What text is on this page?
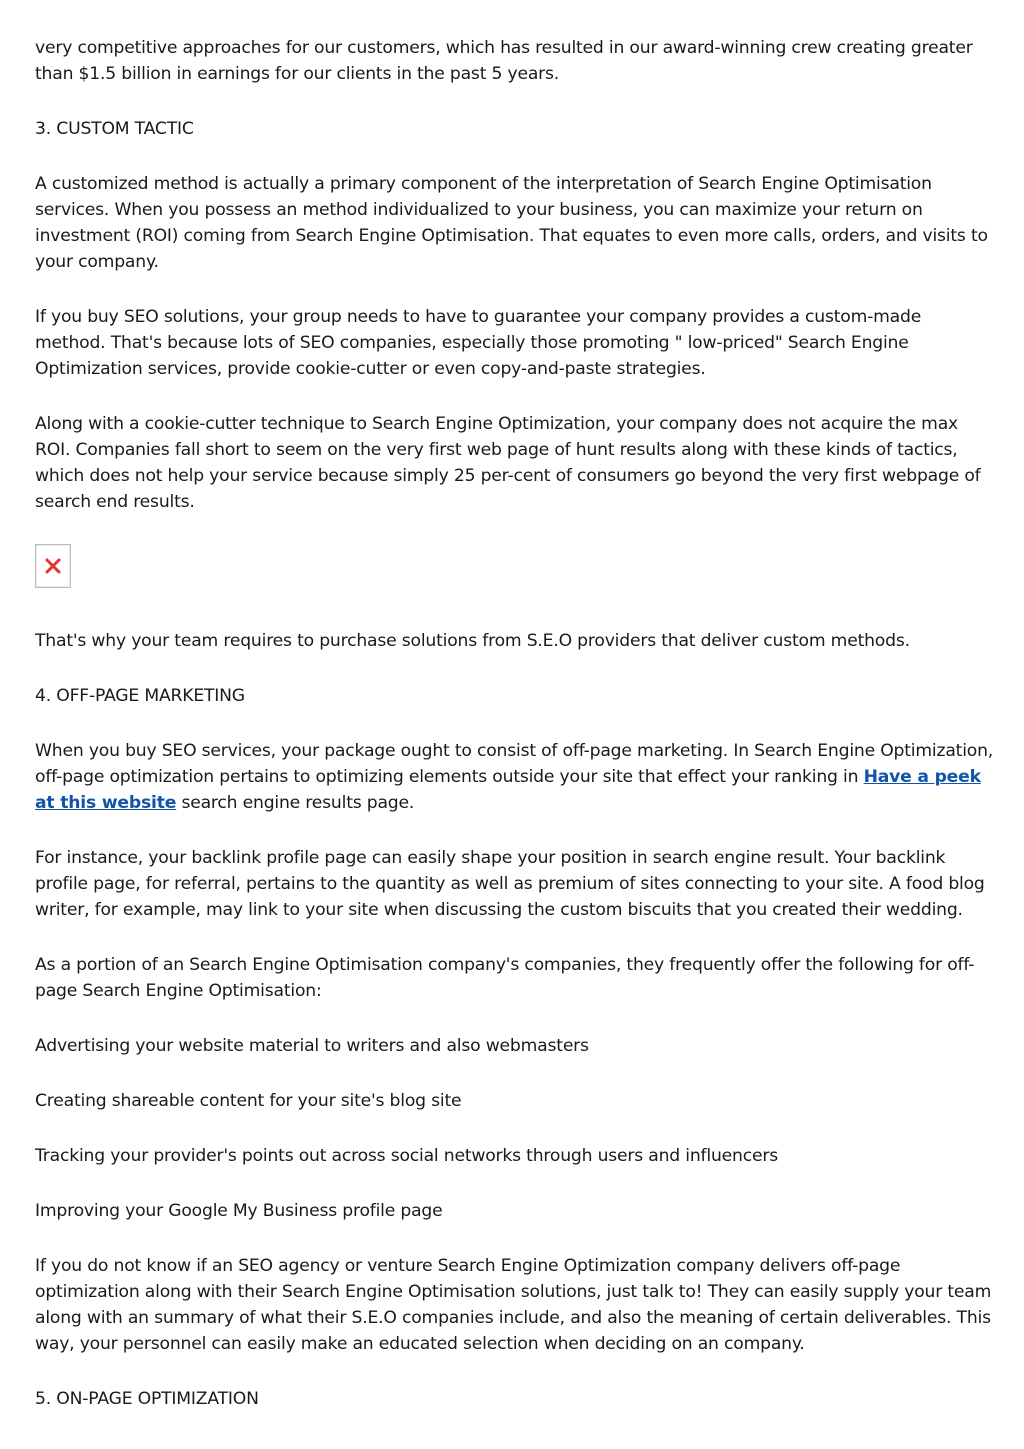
very competitive approaches for our customers, which has resulted in our award-winning crew creating greater than $1.5 billion in earnings for our clients in the past 5 years.

3. CUSTOM TACTIC

A customized method is actually a primary component of the interpretation of Search Engine Optimisation services. When you possess an method individualized to your business, you can maximize your return on investment (ROI) coming from Search Engine Optimisation. That equates to even more calls, orders, and visits to your company.

If you buy SEO solutions, your group needs to have to guarantee your company provides a custom-made method. That's because lots of SEO companies, especially those promoting " low-priced" Search Engine Optimization services, provide cookie-cutter or even copy-and-paste strategies.

Along with a cookie-cutter technique to Search Engine Optimization, your company does not acquire the max ROI. Companies fall short to seem on the very first web page of hunt results along with these kinds of tactics, which does not help your service because simply 25 per-cent of consumers go beyond the very first webpage of search end results.

That's why your team requires to purchase solutions from S.E.O providers that deliver custom methods.

4. OFF-PAGE MARKETING

When you buy SEO services, your package ought to consist of off-page marketing. In Search Engine Optimization, off-page optimization pertains to optimizing elements outside your site that effect your ranking in Have a peek at this website search engine results page.

For instance, your backlink profile page can easily shape your position in search engine result. Your backlink profile page, for referral, pertains to the quantity as well as premium of sites connecting to your site. A food blog writer, for example, may link to your site when discussing the custom biscuits that you created their wedding.

As a portion of an Search Engine Optimisation company's companies, they frequently offer the following for off-page Search Engine Optimisation:

Advertising your website material to writers and also webmasters

Creating shareable content for your site's blog site

Tracking your provider's points out across social networks through users and influencers

Improving your Google My Business profile page

If you do not know if an SEO agency or venture Search Engine Optimization company delivers off-page optimization along with their Search Engine Optimisation solutions, just talk to! They can easily supply your team along with an summary of what their S.E.O companies include, and also the meaning of certain deliverables. This way, your personnel can easily make an educated selection when deciding on an company.

5. ON-PAGE OPTIMIZATION
